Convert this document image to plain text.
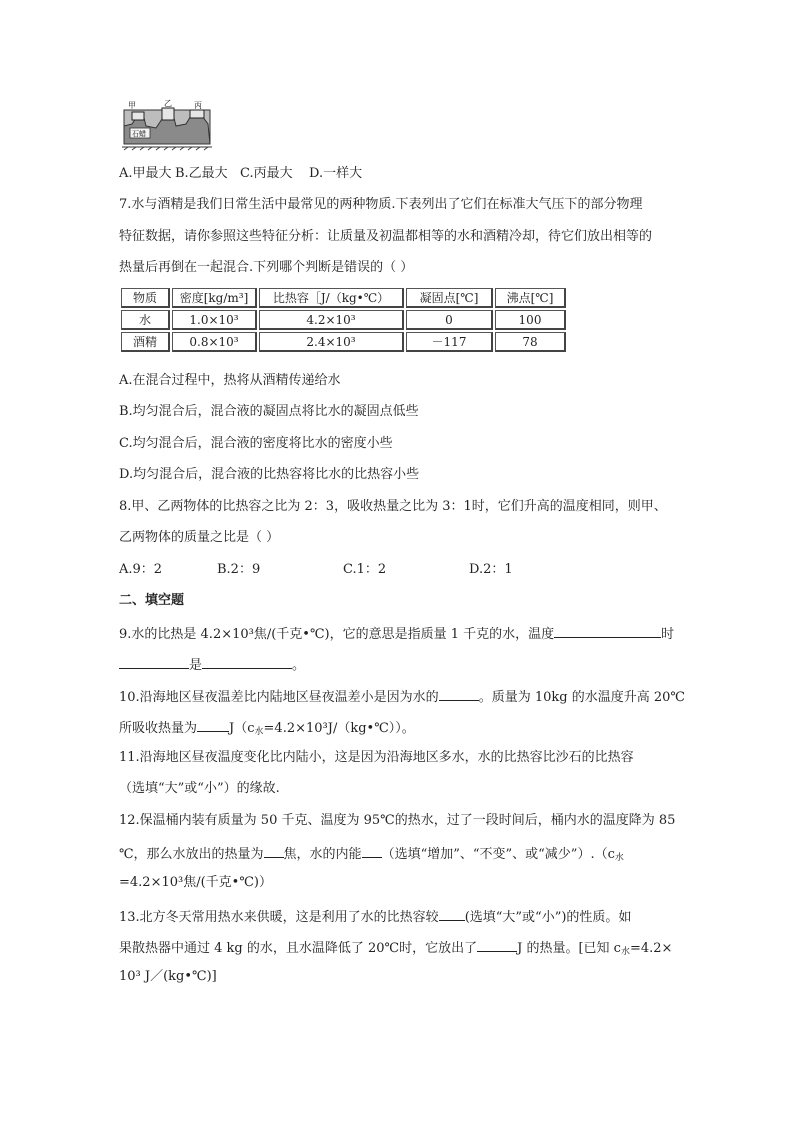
甲	乙	丙
石蜡
A.甲最大 B.乙最大 C.丙最大 D.一样大
7.水与酒精是我们日常生活中最常见的两种物质.下表列出了它们在标准大气压下的部分物理
特征数据，请你参照这些特征分析：让质量及初温都相等的水和酒精冷却，待它们放出相等的
热量后再倒在一起混合.下列哪个判断是错误的（ ）
物质	密度[kg/m³]	比热容［J/（kg•℃）	凝固点[℃]	沸点[℃]
水	1.0×10³	4.2×10³	0	100
酒精	0.8×10³	2.4×10³	－117	78
A.在混合过程中，热将从酒精传递给水
B.均匀混合后，混合液的凝固点将比水的凝固点低些
C.均匀混合后，混合液的密度将比水的密度小些
D.均匀混合后，混合液的比热容将比水的比热容小些
8.甲、乙两物体的比热容之比为 2：3，吸收热量之比为 3：1时，它们升高的温度相同，则甲、
乙两物体的质量之比是（ ）
A.9：2	B.2：9	C.1：2	D.2：1
二、填空题
9.水的比热是 4.2×10³焦/(千克•℃)，它的意思是指质量 1 千克的水，温度	时
是	。
10.沿海地区昼夜温差比内陆地区昼夜温差小是因为水的	。质量为 10kg 的水温度升高 20℃
所吸收热量为 $J(c_水=4.2\times 10^3J/(kg•℃))$。
11.沿海地区昼夜温度变化比内陆小，这是因为沿海地区多水，水的比热容比沙石的比热容
（选填“大”或“小”）的缘故.
12.保温桶内装有质量为 50 千克、温度为 95℃的热水，过了一段时间后，桶内水的温度降为 85
℃，那么水放出的热量为 焦，水的内能 （选填“增加”、“不变”、或“减少$”).(c_水$
=4.2×10³焦/(千克•℃)）
13.北方冬天常用热水来供暖，这是利用了水的比热容较 (选填“大”或“小”)的性质。如
果散热器中通过 4 kg 的水，且水温降低了 20℃时，它放出了	J 的热量。[已知 $c_水=4.2\times$
10³ J／(kg•℃)]
